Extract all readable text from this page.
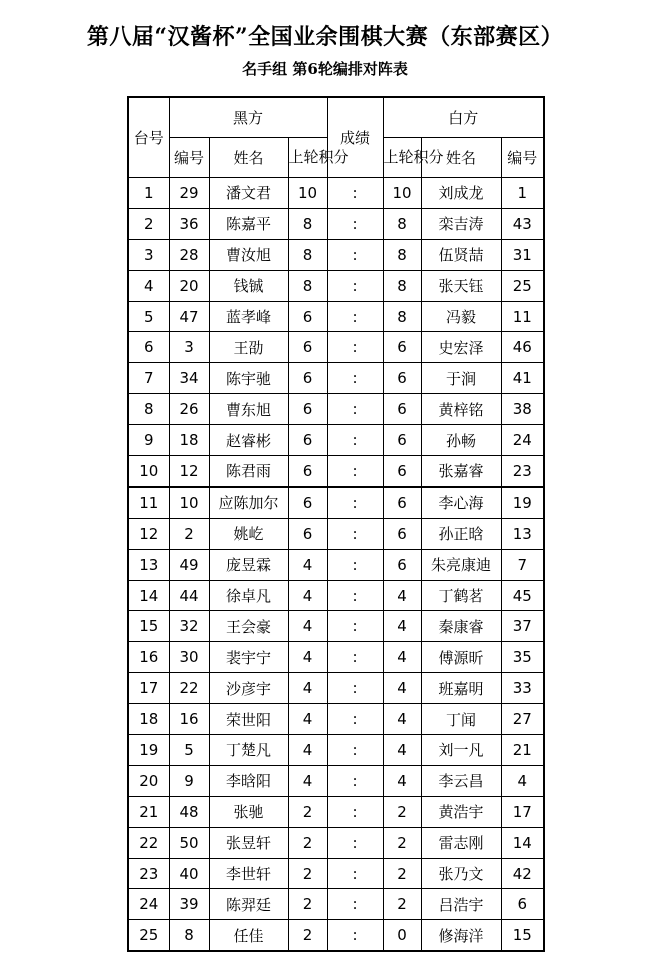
第八届“汉酱杯”全国业余围棋大赛（东部赛区）
名手组 第6轮编排对阵表
台号	黑方			成绩	白方		
	编号	姓名	上轮积分		上轮积分	姓名	编号
1	29	潘文君	10	:	10	刘成龙	1
2	36	陈嘉平	8	:	8	栾吉涛	43
3	28	曹汝旭	8	:	8	伍贤喆	31
4	20	钱铖	8	:	8	张天钰	25
5	47	蓝孝峰	6	:	8	冯毅	11
6	3	王劭	6	:	6	史宏泽	46
7	34	陈宇驰	6	:	6	于涧	41
8	26	曹东旭	6	:	6	黄梓铭	38
9	18	赵睿彬	6	:	6	孙畅	24
10	12	陈君雨	6	:	6	张嘉睿	23
11	10	应陈加尔	6	:	6	李心海	19
12	2	姚屹	6	:	6	孙正晗	13
13	49	庞昱霖	4	:	6	朱亮康迪	7
14	44	徐卓凡	4	:	4	丁鹤茗	45
15	32	王会豪	4	:	4	秦康睿	37
16	30	裴宇宁	4	:	4	傅源昕	35
17	22	沙彦宇	4	:	4	班嘉明	33
18	16	荣世阳	4	:	4	丁闻	27
19	5	丁楚凡	4	:	4	刘一凡	21
20	9	李晗阳	4	:	4	李云昌	4
21	48	张驰	2	:	2	黄浩宇	17
22	50	张昱轩	2	:	2	雷志刚	14
23	40	李世轩	2	:	2	张乃文	42
24	39	陈羿廷	2	:	2	吕浩宇	6
25	8	任佳	2	:	0	修海洋	15
